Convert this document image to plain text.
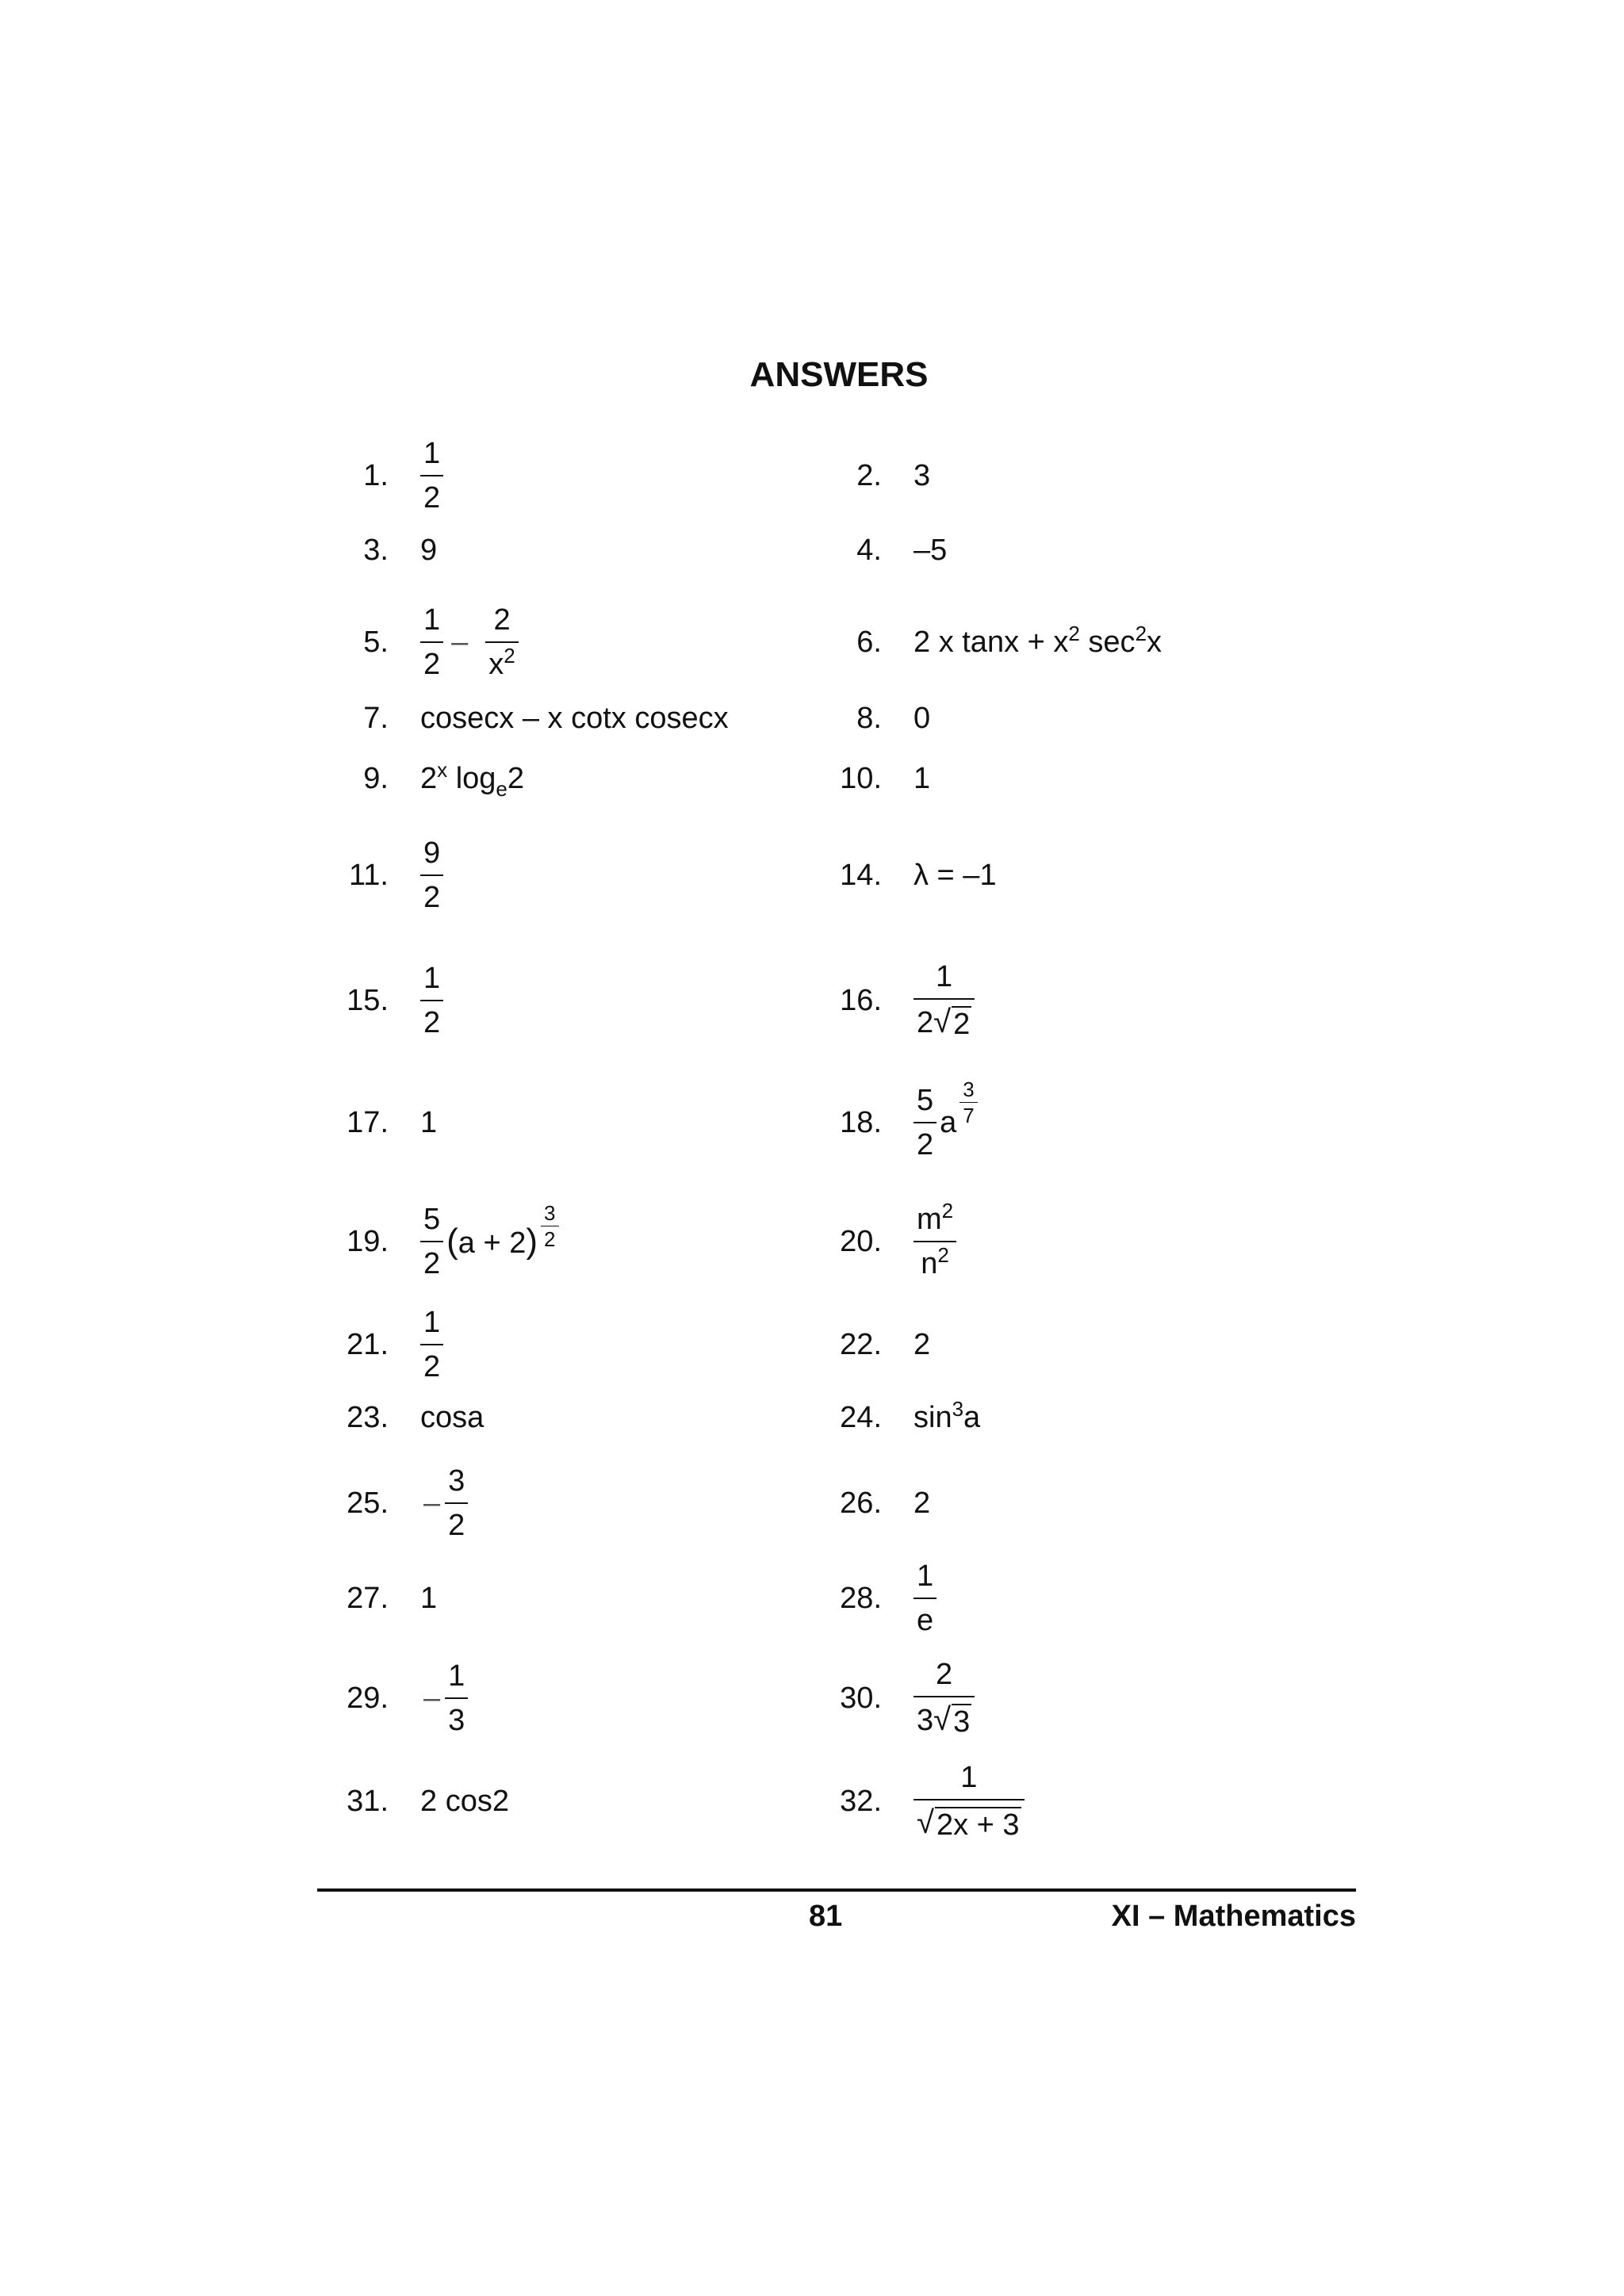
ANSWERS
1. $\frac{1}{2}$	2. 3
3. 9	4. –5
5. $\frac{1}{2} - \frac{2}{x^2}$	6. 2 x $\tan x + x^2$ $\sec^2x$
7. cosecx – x cotx cosecx	8. 0
9. 2$^x$ $\log_e2$	10. 1
11. $\frac{9}{2}$	14. λ = –1
15. $\frac{1}{2}$	16. $\frac{1}{2 √ 2}$
17. 1	18. $\frac{5}{2}$ a $\frac{3}{7}$
19. $\frac{5}{2} (a + 2) \frac{3}{2}$	20. $\frac{m^2}{n^2}$
21. $\frac{1}{2}$	22. 2
23. cosa	24. $\sin^3a$
25. – $\frac{3}{2}$	26. 2
27. 1	28. $\frac{1}{e}$
29. – $\frac{1}{3}$	30. $\frac{2}{3 √ 3}$
31. 2 cos2	32. $\frac{1}{√ 2x + 3}$
81	XI – Mathematics
